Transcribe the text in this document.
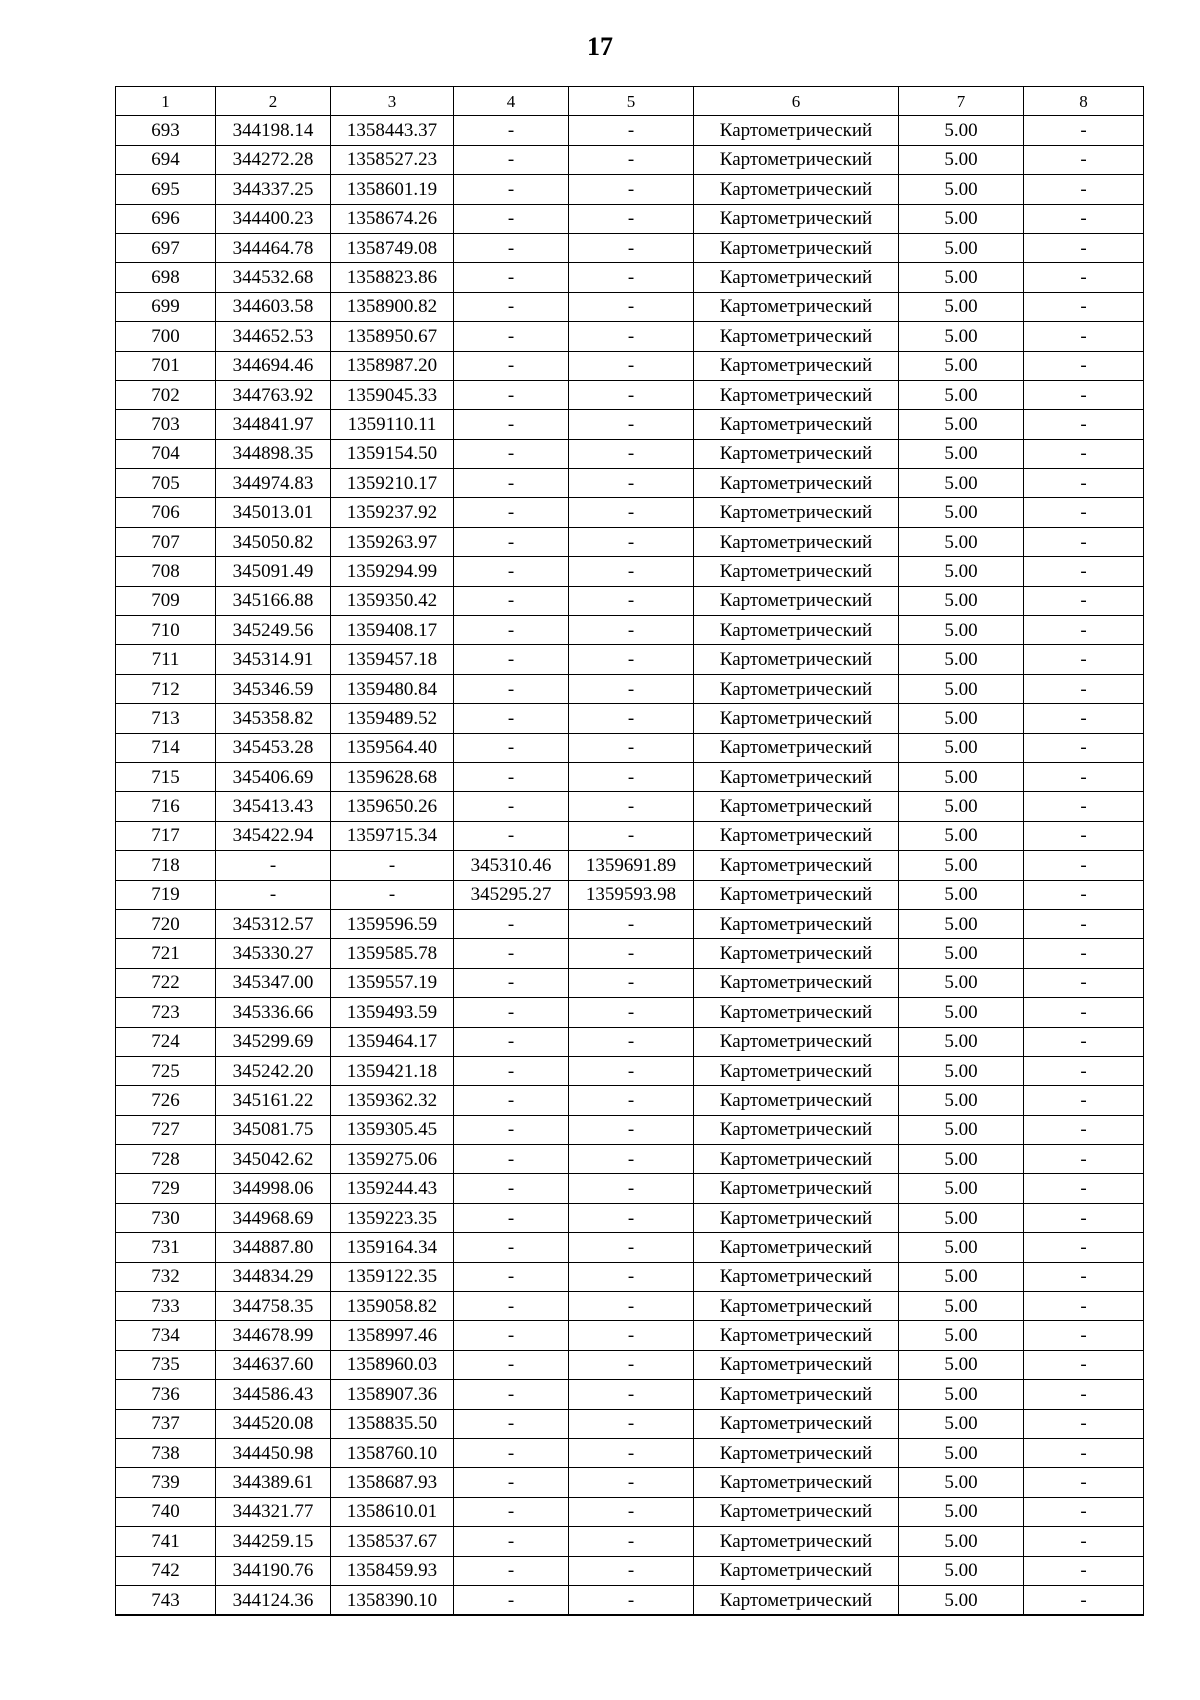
17
1	2	3	4	5	6	7	8
693	344198.14	1358443.37	-	-	Картометрический	5.00	-
694	344272.28	1358527.23	-	-	Картометрический	5.00	-
695	344337.25	1358601.19	-	-	Картометрический	5.00	-
696	344400.23	1358674.26	-	-	Картометрический	5.00	-
697	344464.78	1358749.08	-	-	Картометрический	5.00	-
698	344532.68	1358823.86	-	-	Картометрический	5.00	-
699	344603.58	1358900.82	-	-	Картометрический	5.00	-
700	344652.53	1358950.67	-	-	Картометрический	5.00	-
701	344694.46	1358987.20	-	-	Картометрический	5.00	-
702	344763.92	1359045.33	-	-	Картометрический	5.00	-
703	344841.97	1359110.11	-	-	Картометрический	5.00	-
704	344898.35	1359154.50	-	-	Картометрический	5.00	-
705	344974.83	1359210.17	-	-	Картометрический	5.00	-
706	345013.01	1359237.92	-	-	Картометрический	5.00	-
707	345050.82	1359263.97	-	-	Картометрический	5.00	-
708	345091.49	1359294.99	-	-	Картометрический	5.00	-
709	345166.88	1359350.42	-	-	Картометрический	5.00	-
710	345249.56	1359408.17	-	-	Картометрический	5.00	-
711	345314.91	1359457.18	-	-	Картометрический	5.00	-
712	345346.59	1359480.84	-	-	Картометрический	5.00	-
713	345358.82	1359489.52	-	-	Картометрический	5.00	-
714	345453.28	1359564.40	-	-	Картометрический	5.00	-
715	345406.69	1359628.68	-	-	Картометрический	5.00	-
716	345413.43	1359650.26	-	-	Картометрический	5.00	-
717	345422.94	1359715.34	-	-	Картометрический	5.00	-
718	-	-	345310.46	1359691.89	Картометрический	5.00	-
719	-	-	345295.27	1359593.98	Картометрический	5.00	-
720	345312.57	1359596.59	-	-	Картометрический	5.00	-
721	345330.27	1359585.78	-	-	Картометрический	5.00	-
722	345347.00	1359557.19	-	-	Картометрический	5.00	-
723	345336.66	1359493.59	-	-	Картометрический	5.00	-
724	345299.69	1359464.17	-	-	Картометрический	5.00	-
725	345242.20	1359421.18	-	-	Картометрический	5.00	-
726	345161.22	1359362.32	-	-	Картометрический	5.00	-
727	345081.75	1359305.45	-	-	Картометрический	5.00	-
728	345042.62	1359275.06	-	-	Картометрический	5.00	-
729	344998.06	1359244.43	-	-	Картометрический	5.00	-
730	344968.69	1359223.35	-	-	Картометрический	5.00	-
731	344887.80	1359164.34	-	-	Картометрический	5.00	-
732	344834.29	1359122.35	-	-	Картометрический	5.00	-
733	344758.35	1359058.82	-	-	Картометрический	5.00	-
734	344678.99	1358997.46	-	-	Картометрический	5.00	-
735	344637.60	1358960.03	-	-	Картометрический	5.00	-
736	344586.43	1358907.36	-	-	Картометрический	5.00	-
737	344520.08	1358835.50	-	-	Картометрический	5.00	-
738	344450.98	1358760.10	-	-	Картометрический	5.00	-
739	344389.61	1358687.93	-	-	Картометрический	5.00	-
740	344321.77	1358610.01	-	-	Картометрический	5.00	-
741	344259.15	1358537.67	-	-	Картометрический	5.00	-
742	344190.76	1358459.93	-	-	Картометрический	5.00	-
743	344124.36	1358390.10	-	-	Картометрический	5.00	-
